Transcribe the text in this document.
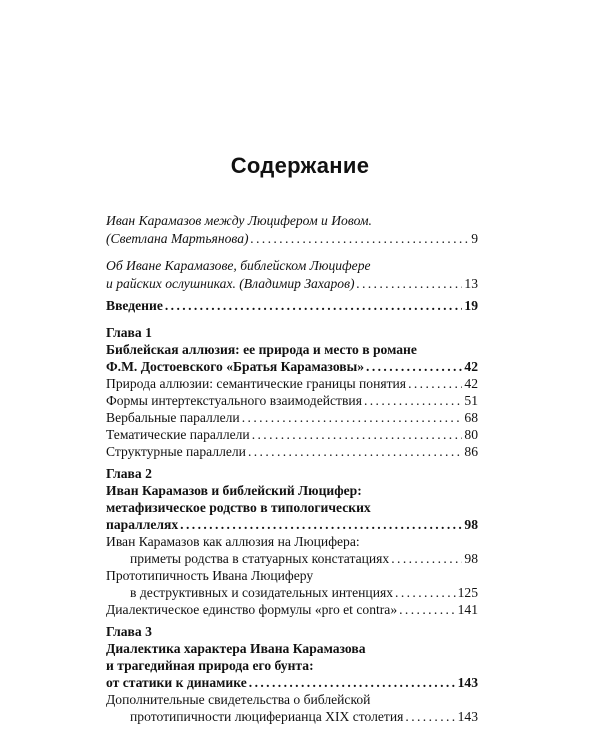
Содержание
Иван Карамазов между Люцифером и Иовом.
(Светлана Мартьянова) . . .	9
Об Иване Карамазове, библейском Люцифере
и райских ослушниках. (Владимир Захаров) . . .	13
Введение . . .	19
Глава 1
Библейская аллюзия: ее природа и место в романе
Ф.М. Достоевского «Братья Карамазовы» . . .	42
Природа аллюзии: семантические границы понятия . . .	42
Формы интертекстуального взаимодействия . . .	51
Вербальные параллели . . .	68
Тематические параллели . . .	80
Структурные параллели . . .	86
Глава 2
Иван Карамазов и библейский Люцифер:
метафизическое родство в типологических
параллелях . . .	98
Иван Карамазов как аллюзия на Люцифера:
приметы родства в статуарных констатациях . . .	98
Прототипичность Ивана Люциферу
в деструктивных и созидательных интенциях . . .	125
Диалектическое единство формулы «pro et contra» . . .	141
Глава 3
Диалектика характера Ивана Карамазова
и трагедийная природа его бунта:
от статики к динамике . . .	143
Дополнительные свидетельства о библейской
прототипичности люциферианца XIX столетия . . .	143
